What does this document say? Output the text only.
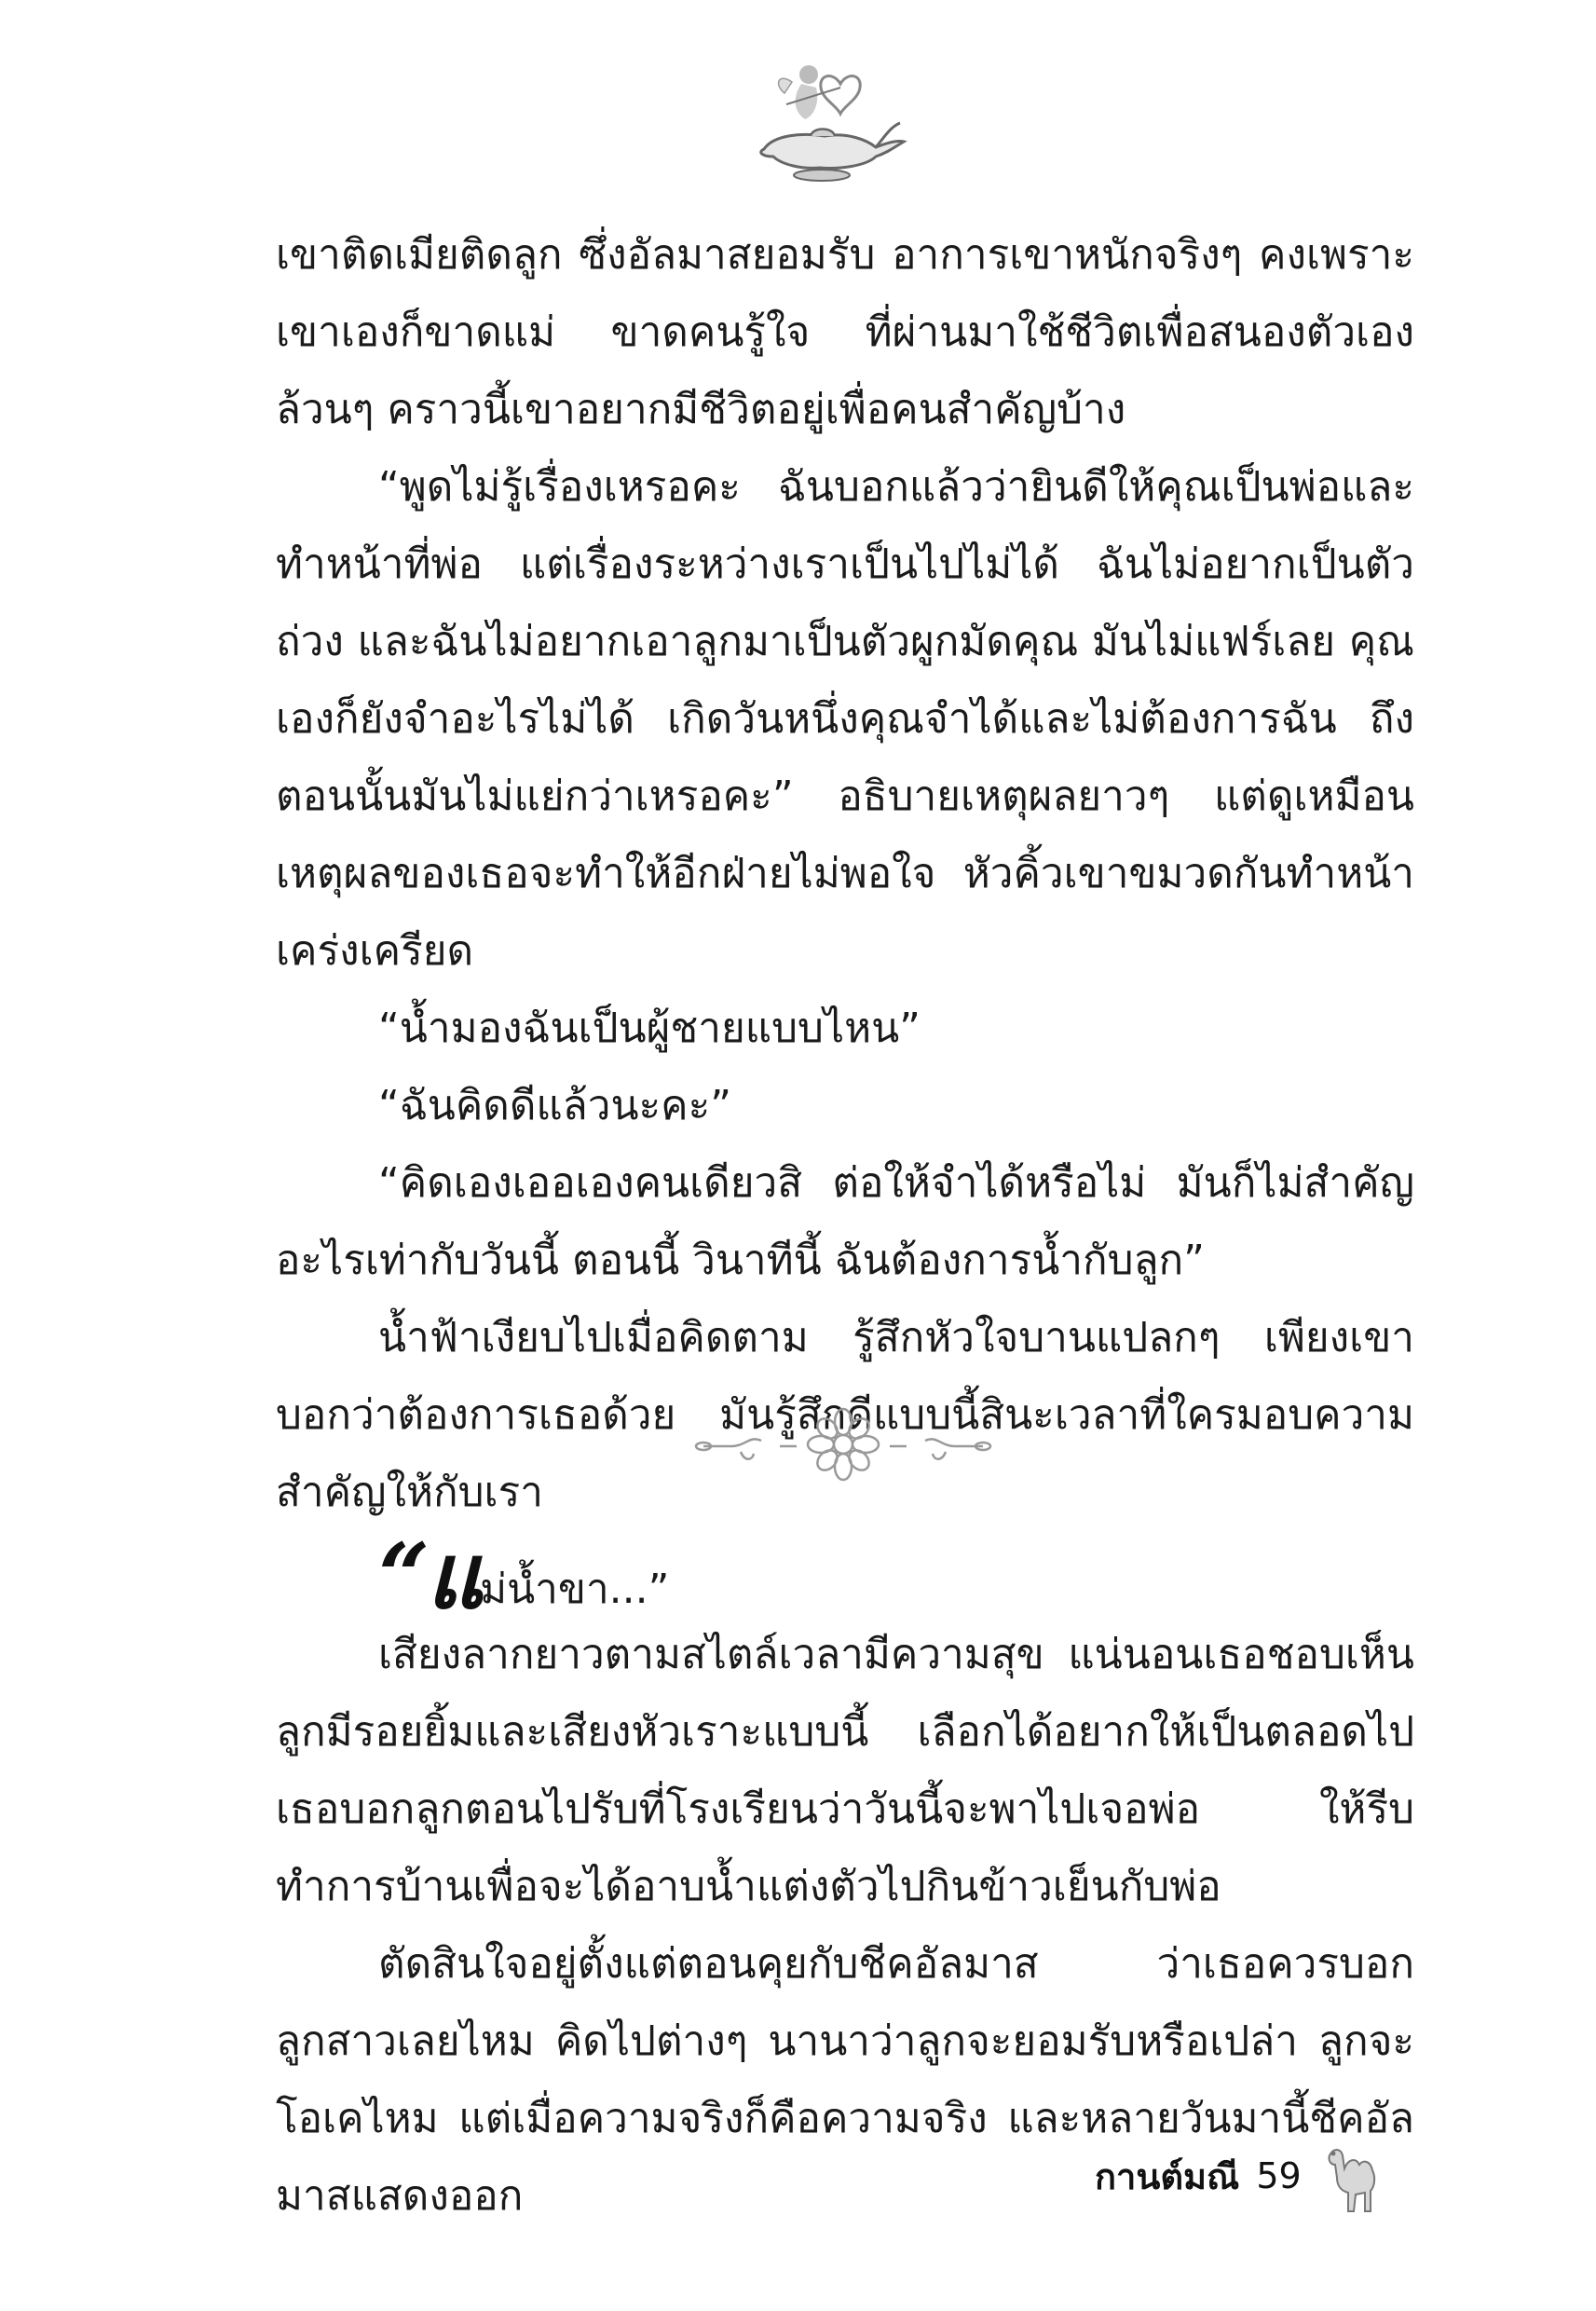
เขาติดเมียติดลูก ซึ่งอัลมาสยอมรับ อาการเขาหนักจริงๆ คงเพราะเขาเองก็ขาดแม่ ขาดคนรู้ใจ ที่ผ่านมาใช้ชีวิตเพื่อสนองตัวเองล้วนๆ คราวนี้เขาอยากมีชีวิตอยู่เพื่อคนสำคัญบ้าง

“พูดไม่รู้เรื่องเหรอคะ ฉันบอกแล้วว่ายินดีให้คุณเป็นพ่อและทำหน้าที่พ่อ แต่เรื่องระหว่างเราเป็นไปไม่ได้ ฉันไม่อยากเป็นตัวถ่วง และฉันไม่อยากเอาลูกมาเป็นตัวผูกมัดคุณ มันไม่แฟร์เลย คุณเองก็ยังจำอะไรไม่ได้ เกิดวันหนึ่งคุณจำได้และไม่ต้องการฉัน ถึงตอนนั้นมันไม่แย่กว่าเหรอคะ” อธิบายเหตุผลยาวๆ แต่ดูเหมือนเหตุผลของเธอจะทำให้อีกฝ่ายไม่พอใจ หัวคิ้วเขาขมวดกันทำหน้าเคร่งเครียด

“น้ำมองฉันเป็นผู้ชายแบบไหน”

“ฉันคิดดีแล้วนะคะ”

“คิดเองเออเองคนเดียวสิ ต่อให้จำได้หรือไม่ มันก็ไม่สำคัญอะไรเท่ากับวันนี้ ตอนนี้ วินาทีนี้ ฉันต้องการน้ำกับลูก”

น้ำฟ้าเงียบไปเมื่อคิดตาม รู้สึกหัวใจบานแปลกๆ เพียงเขาบอกว่าต้องการเธอด้วย มันรู้สึกดีแบบนี้สินะเวลาที่ใครมอบความสำคัญให้กับเรา

“แ ม่น้ำขา...”

เสียงลากยาวตามสไตล์เวลามีความสุข แน่นอนเธอชอบเห็นลูกมีรอยยิ้มและเสียงหัวเราะแบบนี้ เลือกได้อยากให้เป็นตลอดไป เธอบอกลูกตอนไปรับที่โรงเรียนว่าวันนี้จะพาไปเจอพ่อ ให้รีบทำการบ้านเพื่อจะได้อาบน้ำแต่งตัวไปกินข้าวเย็นกับพ่อ

ตัดสินใจอยู่ตั้งแต่ตอนคุยกับชีคอัลมาส ว่าเธอควรบอกลูกสาวเลยไหม คิดไปต่างๆ นานาว่าลูกจะยอมรับหรือเปล่า ลูกจะโอเคไหม แต่เมื่อความจริงก็คือความจริง และหลายวันมานี้ชีคอัลมาสแสดงออก	กานต์มณี 59
